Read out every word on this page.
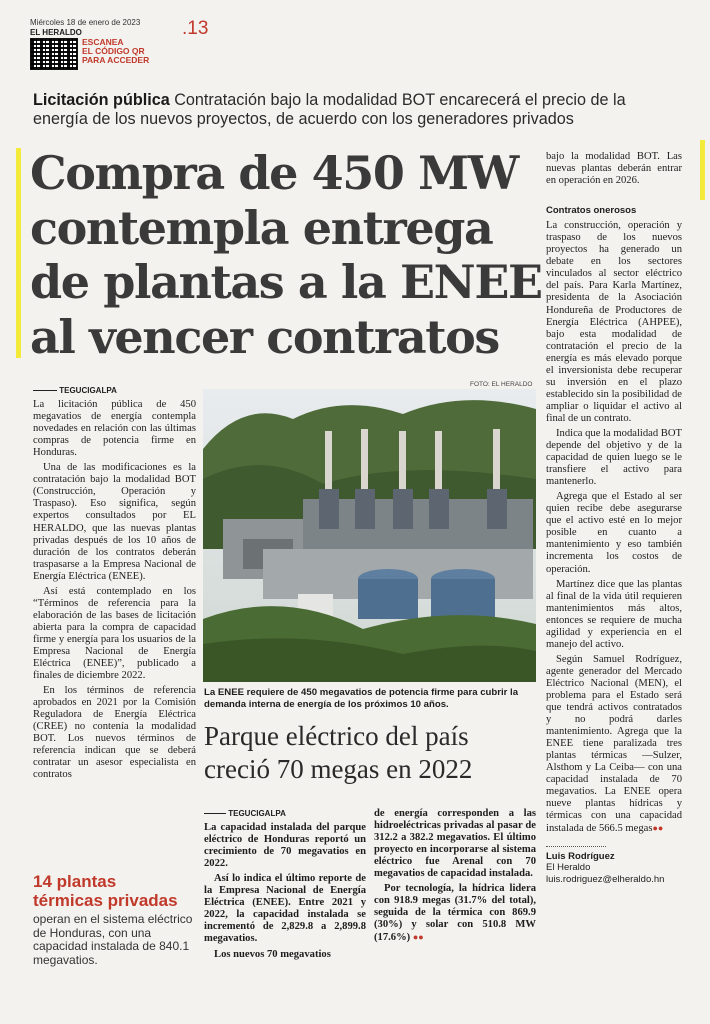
Miércoles 18 de enero de 2023
EL HERALDO
ESCANEA
EL CÓDIGO QR
PARA ACCEDER
.13
Licitación pública Contratación bajo la modalidad BOT encarecerá el precio de la energía de los nuevos proyectos, de acuerdo con los generadores privados
Compra de 450 MW
contempla entrega
de plantas a la ENEE
al vencer contratos

bajo la modalidad BOT. Las nuevas plantas deberán entrar en operación en 2026.

Contratos onerosos

La construcción, operación y traspaso de los nuevos proyectos ha generado un debate en los sectores vinculados al sector eléctrico del país. Para Karla Martínez, presidenta de la Asociación Hondureña de Productores de Energía Eléctrica (AHPEE), bajo esta modalidad de contratación el precio de la energía es más elevado porque el inversionista debe recuperar su inversión en el plazo establecido sin la posibilidad de ampliar o liquidar el activo al final de un contrato.

Indica que la modalidad BOT depende del objetivo y de la capacidad de quien luego se le transfiere el activo para mantenerlo.

Agrega que el Estado al ser quien recibe debe asegurarse que el activo esté en lo mejor posible en cuanto a mantenimiento y eso también incrementa los costos de operación.

Martínez dice que las plantas al final de la vida útil requieren mantenimientos más altos, entonces se requiere de mucha agilidad y experiencia en el manejo del activo.

Según Samuel Rodríguez, agente generador del Mercado Eléctrico Nacional (MEN), el problema para el Estado será que tendrá activos contratados y no podrá darles mantenimiento. Agrega que la ENEE tiene paralizada tres plantas térmicas —Sulzer, Alsthom y La Ceiba— con una capacidad instalada de 70 megavatios. La ENEE opera nueve plantas hídricas y térmicas con una capacidad instalada de 566.5 megas●●

Luis Rodríguez
El Heraldo
luis.rodriguez@elheraldo.hn
TEGUCIGALPA

La licitación pública de 450 megavatios de energía contempla novedades en relación con las últimas compras de potencia firme en Honduras.

Una de las modificaciones es la contratación bajo la modalidad BOT (Construcción, Operación y Traspaso). Eso significa, según expertos consultados por EL HERALDO, que las nuevas plantas privadas después de los 10 años de duración de los contratos deberán traspasarse a la Empresa Nacional de Energía Eléctrica (ENEE).

Así está contemplado en los “Términos de referencia para la elaboración de las bases de licitación abierta para la compra de capacidad firme y energía para los usuarios de la Empresa Nacional de Energía Eléctrica (ENEE)”, publicado a finales de diciembre 2022.

En los términos de referencia aprobados en 2021 por la Comisión Reguladora de Energía Eléctrica (CREE) no contenía la modalidad BOT. Los nuevos términos de referencia indican que se deberá contratar un asesor especialista en contratos

FOTO: EL HERALDO
La ENEE requiere de 450 megavatios de potencia firme para cubrir la demanda interna de energía de los próximos 10 años.
Parque eléctrico del país
creció 70 megas en 2022
TEGUCIGALPA

La capacidad instalada del parque eléctrico de Honduras reportó un crecimiento de 70 megavatios en 2022.

Así lo indica el último reporte de la Empresa Nacional de Energía Eléctrica (ENEE). Entre 2021 y 2022, la capacidad instalada se incrementó de 2,829.8 a 2,899.8 megavatios.

Los nuevos 70 megavatios

de energía corresponden a las hidroeléctricas privadas al pasar de 312.2 a 382.2 megavatios. El último proyecto en incorporarse al sistema eléctrico fue Arenal con 70 megavatios de capacidad instalada.

Por tecnología, la hídrica lidera con 918.9 megas (31.7% del total), seguida de la térmica con 869.9 (30%) y solar con 510.8 MW (17.6%) ●●

14 plantas
térmicas privadas
operan en el sistema eléctrico de Honduras, con una capacidad instalada de 840.1 megavatios.
